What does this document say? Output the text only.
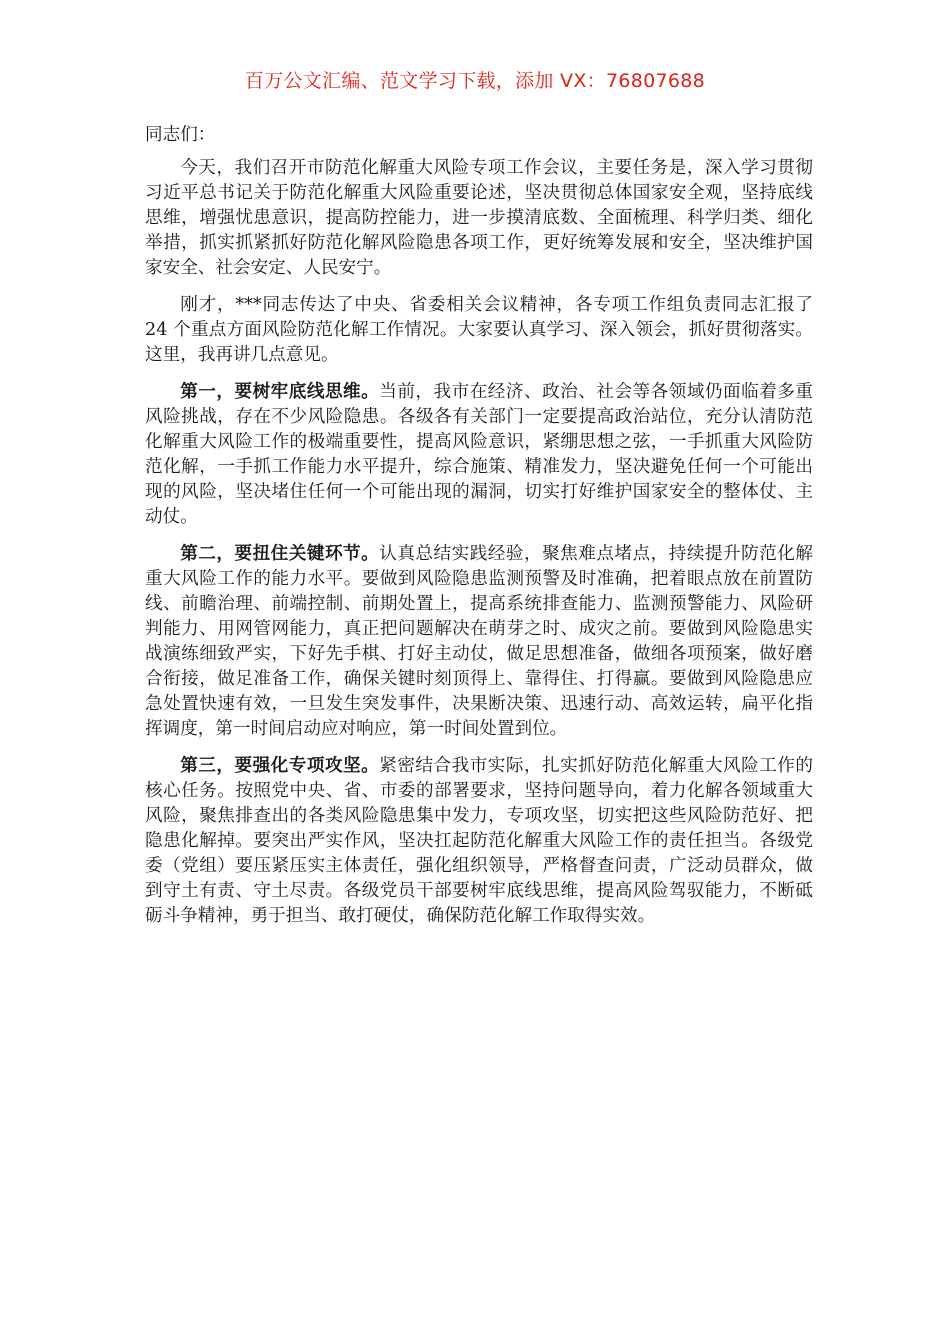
百万公文汇编、范文学习下载，添加 VX：76807688

同志们：

今天，我们召开市防范化解重大风险专项工作会议，主要任务是，深入学习贯彻习近平总书记关于防范化解重大风险重要论述，坚决贯彻总体国家安全观，坚持底线思维，增强忧患意识，提高防控能力，进一步摸清底数、全面梳理、科学归类、细化举措，抓实抓紧抓好防范化解风险隐患各项工作，更好统筹发展和安全，坚决维护国家安全、社会安定、人民安宁。

刚才，***同志传达了中央、省委相关会议精神，各专项工作组负责同志汇报了 24 个重点方面风险防范化解工作情况。大家要认真学习、深入领会，抓好贯彻落实。这里，我再讲几点意见。

第一，要树牢底线思维。当前，我市在经济、政治、社会等各领域仍面临着多重风险挑战，存在不少风险隐患。各级各有关部门一定要提高政治站位，充分认清防范化解重大风险工作的极端重要性，提高风险意识，紧绷思想之弦，一手抓重大风险防范化解，一手抓工作能力水平提升，综合施策、精准发力，坚决避免任何一个可能出现的风险，坚决堵住任何一个可能出现的漏洞，切实打好维护国家安全的整体仗、主动仗。

第二，要扭住关键环节。认真总结实践经验，聚焦难点堵点，持续提升防范化解重大风险工作的能力水平。要做到风险隐患监测预警及时准确，把着眼点放在前置防线、前瞻治理、前端控制、前期处置上，提高系统排查能力、监测预警能力、风险研判能力、用网管网能力，真正把问题解决在萌芽之时、成灾之前。要做到风险隐患实战演练细致严实，下好先手棋、打好主动仗，做足思想准备，做细各项预案，做好磨合衔接，做足准备工作，确保关键时刻顶得上、靠得住、打得赢。要做到风险隐患应急处置快速有效，一旦发生突发事件，决果断决策、迅速行动、高效运转，扁平化指挥调度，第一时间启动应对响应，第一时间处置到位。

第三，要强化专项攻坚。紧密结合我市实际，扎实抓好防范化解重大风险工作的核心任务。按照党中央、省、市委的部署要求，坚持问题导向，着力化解各领域重大风险，聚焦排查出的各类风险隐患集中发力，专项攻坚，切实把这些风险防范好、把隐患化解掉。要突出严实作风，坚决扛起防范化解重大风险工作的责任担当。各级党委（党组）要压紧压实主体责任，强化组织领导，严格督查问责，广泛动员群众，做到守土有责、守土尽责。各级党员干部要树牢底线思维，提高风险驾驭能力，不断砥砺斗争精神，勇于担当、敢打硬仗，确保防范化解工作取得实效。
